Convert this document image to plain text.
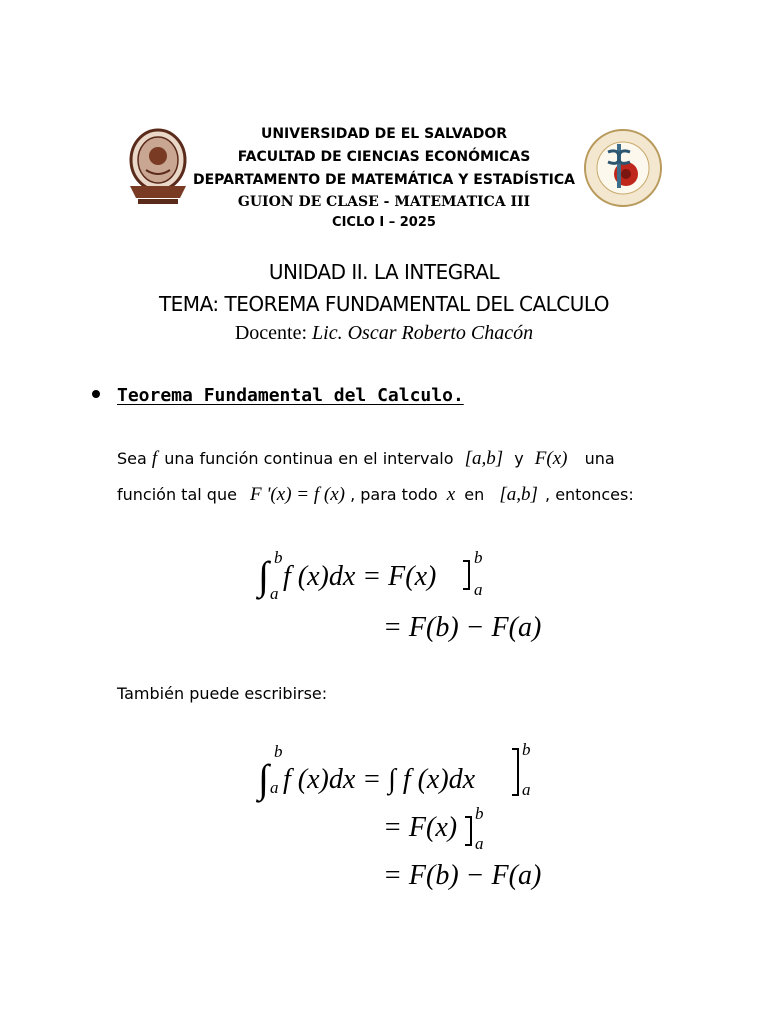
UNIVERSIDAD DE EL SALVADOR
FACULTAD DE CIENCIAS ECONÓMICAS
DEPARTAMENTO DE MATEMÁTICA Y ESTADÍSTICA
GUION DE CLASE - MATEMATICA III
CICLO I – 2025
UNIDAD II. LA INTEGRAL
TEMA: TEOREMA FUNDAMENTAL DEL CALCULO
Docente: Lic. Oscar Roberto Chacón
Teorema Fundamental del Calculo.
Sea f una función continua en el intervalo [a,b] y F(x) una
función tal que F '(x) = f (x) , para todo x en [a,b] , entonces:
∫ f (x)dx = F(x)
b
a
b
a
= F(b) − F(a)
También puede escribirse:
∫ f (x)dx = ∫ f (x)dx
b
a
b
a
= F(x) b
a
= F(b) − F(a)
